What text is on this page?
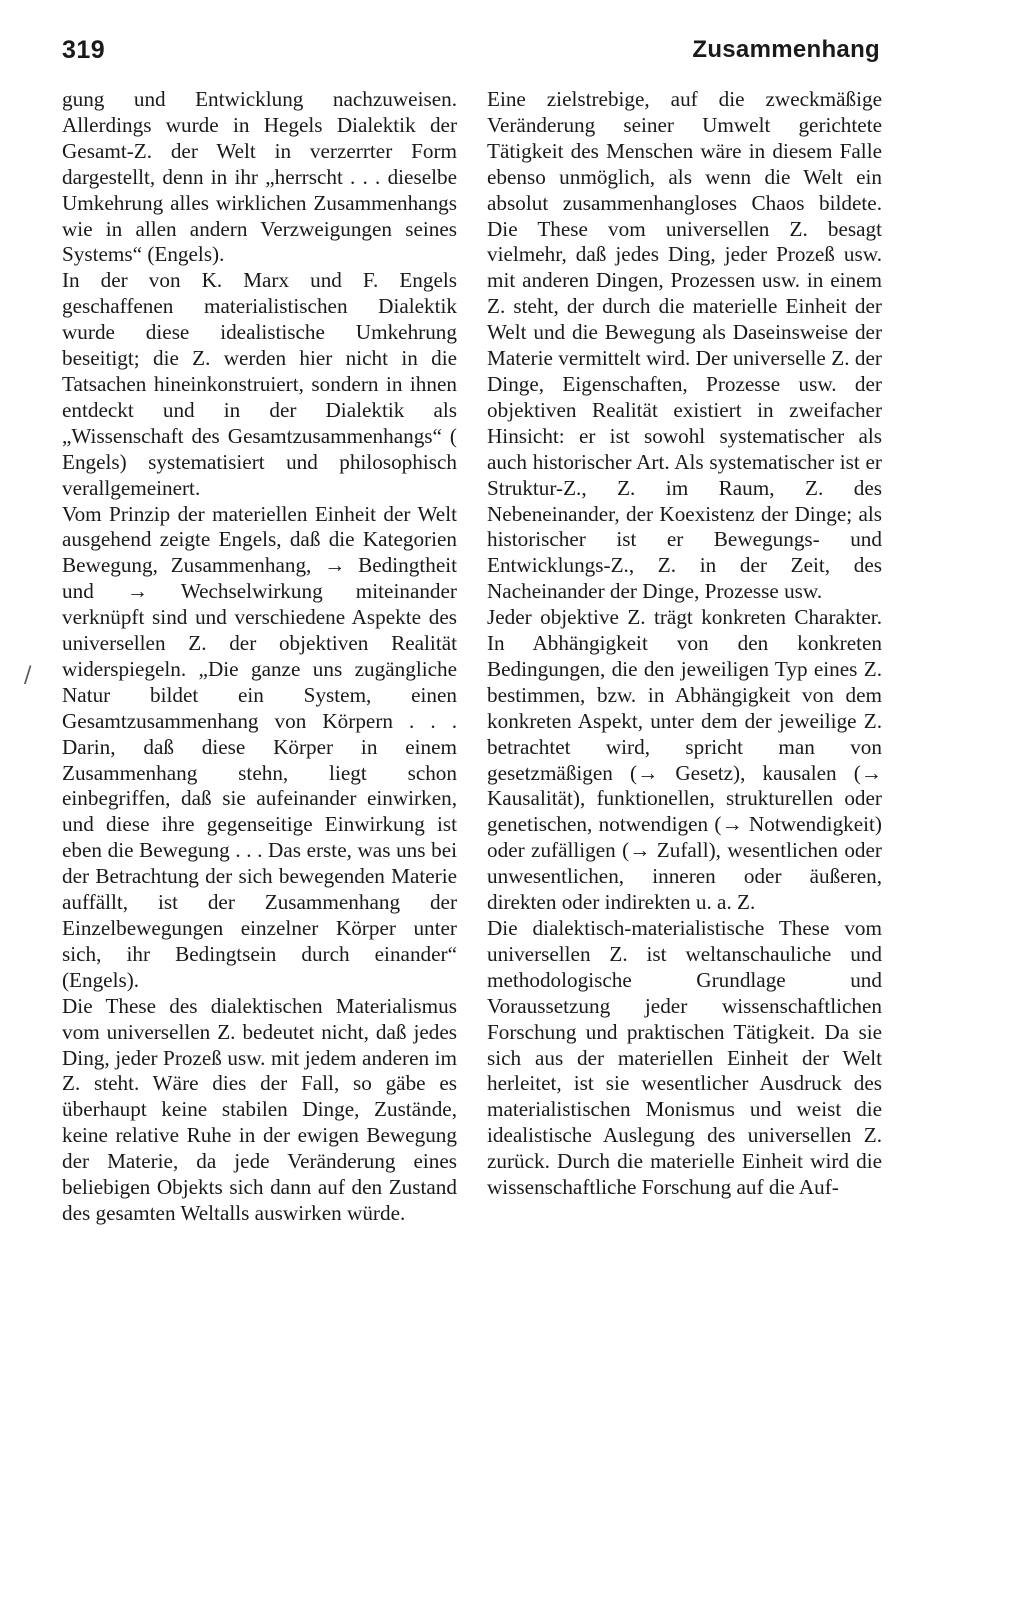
319	Zusammenhang

gung und Entwicklung nachzuweisen. Allerdings wurde in Hegels Dialektik der Gesamt-Z. der Welt in verzerrter Form dargestellt, denn in ihr „herrscht . . . dieselbe Umkehrung alles wirklichen Zusammenhangs wie in allen andern Verzweigungen seines Systems“ (Engels).

In der von K. Marx und F. Engels geschaffenen materialistischen Dialektik wurde diese idealistische Umkehrung beseitigt; die Z. werden hier nicht in die Tatsachen hineinkonstruiert, sondern in ihnen entdeckt und in der Dialektik als „Wissenschaft des Gesamtzusammenhangs“ ( Engels) systematisiert und philosophisch verallgemeinert.

Vom Prinzip der materiellen Einheit der Welt ausgehend zeigte Engels, daß die Kategorien Bewegung, Zusammenhang, → Bedingtheit und → Wechselwirkung miteinander verknüpft sind und verschiedene Aspekte des universellen Z. der objektiven Realität widerspiegeln. „Die ganze uns zugängliche Natur bildet ein System, einen Gesamtzusammenhang von Körpern . . . Darin, daß diese Körper in einem Zusammenhang stehn, liegt schon einbegriffen, daß sie aufeinander einwirken, und diese ihre gegenseitige Einwirkung ist eben die Bewegung . . . Das erste, was uns bei der Betrachtung der sich bewegenden Materie auffällt, ist der Zusammenhang der Einzelbewegungen einzelner Körper unter sich, ihr Bedingtsein durch einander“ (Engels).

Die These des dialektischen Materialismus vom universellen Z. bedeutet nicht, daß jedes Ding, jeder Prozeß usw. mit jedem anderen im Z. steht. Wäre dies der Fall, so gäbe es überhaupt keine stabilen Dinge, Zustände, keine relative Ruhe in der ewigen Bewegung der Materie, da jede Veränderung eines beliebigen Objekts sich dann auf den Zustand des gesamten Weltalls auswirken würde.

Eine zielstrebige, auf die zweckmäßige Veränderung seiner Umwelt gerichtete Tätigkeit des Menschen wäre in diesem Falle ebenso unmöglich, als wenn die Welt ein absolut zusammenhangloses Chaos bildete. Die These vom universellen Z. besagt vielmehr, daß jedes Ding, jeder Prozeß usw. mit anderen Dingen, Prozessen usw. in einem Z. steht, der durch die materielle Einheit der Welt und die Bewegung als Daseinsweise der Materie vermittelt wird. Der universelle Z. der Dinge, Eigenschaften, Prozesse usw. der objektiven Realität existiert in zweifacher Hinsicht: er ist sowohl systematischer als auch historischer Art. Als systematischer ist er Struktur-Z., Z. im Raum, Z. des Nebeneinander, der Koexistenz der Dinge; als historischer ist er Bewegungs- und Entwicklungs-Z., Z. in der Zeit, des Nacheinander der Dinge, Prozesse usw.

Jeder objektive Z. trägt konkreten Charakter. In Abhängigkeit von den konkreten Bedingungen, die den jeweiligen Typ eines Z. bestimmen, bzw. in Abhängigkeit von dem konkreten Aspekt, unter dem der jeweilige Z. betrachtet wird, spricht man von gesetzmäßigen (→ Gesetz), kausalen (→ Kausalität), funktionellen, strukturellen oder genetischen, notwendigen (→ Notwendigkeit) oder zufälligen (→ Zufall), wesentlichen oder unwesentlichen, inneren oder äußeren, direkten oder indirekten u. a. Z.

Die dialektisch-materialistische These vom universellen Z. ist weltanschauliche und methodologische Grundlage und Voraussetzung jeder wissenschaftlichen Forschung und praktischen Tätigkeit. Da sie sich aus der materiellen Einheit der Welt herleitet, ist sie wesentlicher Ausdruck des materialistischen Monismus und weist die idealistische Auslegung des universellen Z. zurück. Durch die materielle Einheit wird die wissenschaftliche Forschung auf die Auf-

/
